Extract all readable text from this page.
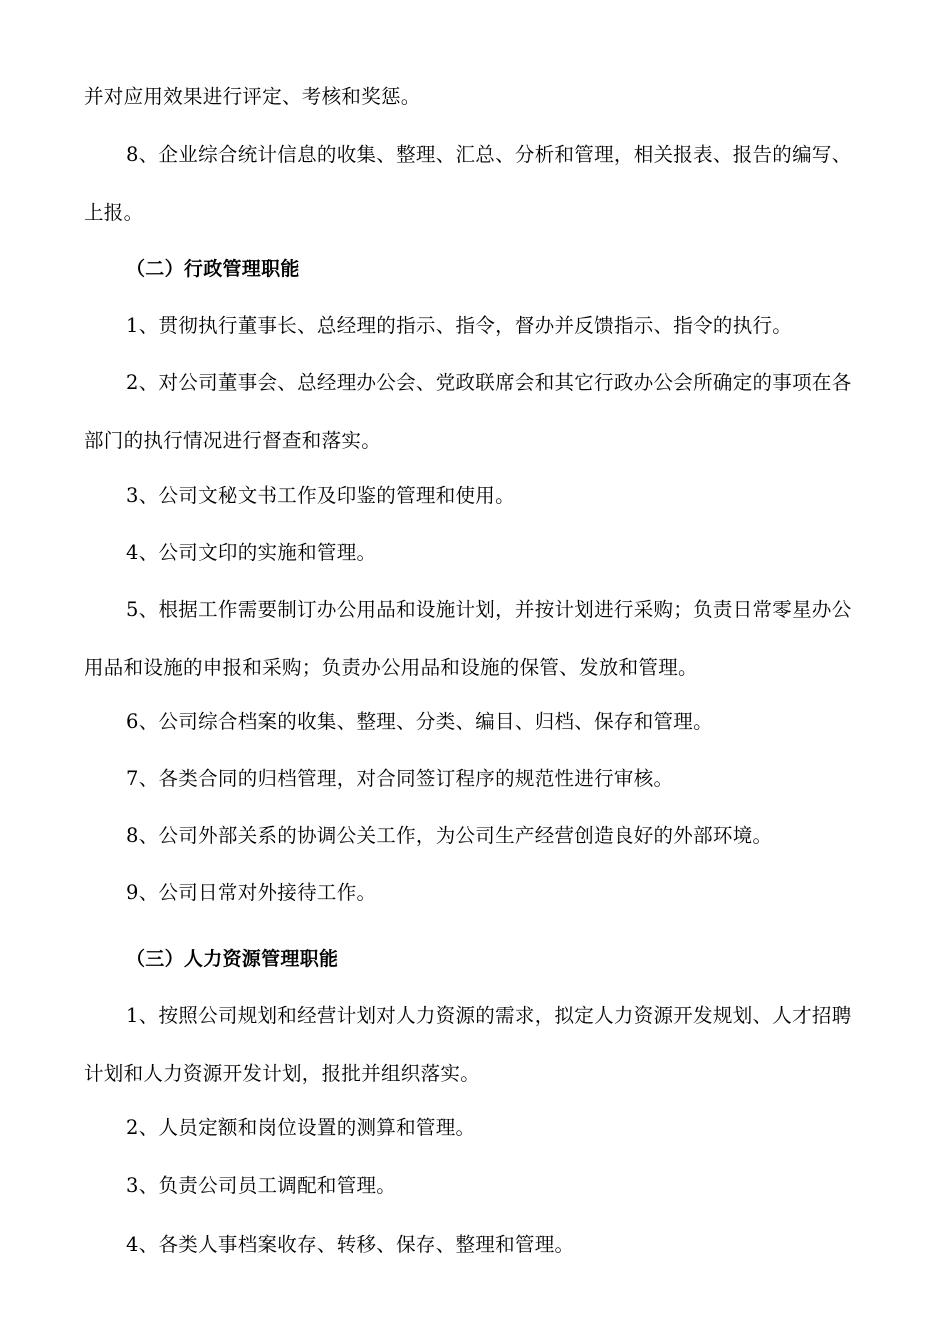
并对应用效果进行评定、考核和奖惩。
8、企业综合统计信息的收集、整理、汇总、分析和管理，相关报表、报告的编写、上报。
（二）行政管理职能
1、贯彻执行董事长、总经理的指示、指令，督办并反馈指示、指令的执行。
2、对公司董事会、总经理办公会、党政联席会和其它行政办公会所确定的事项在各部门的执行情况进行督查和落实。
3、公司文秘文书工作及印鉴的管理和使用。
4、公司文印的实施和管理。
5、根据工作需要制订办公用品和设施计划，并按计划进行采购；负责日常零星办公用品和设施的申报和采购；负责办公用品和设施的保管、发放和管理。
6、公司综合档案的收集、整理、分类、编目、归档、保存和管理。
7、各类合同的归档管理，对合同签订程序的规范性进行审核。
8、公司外部关系的协调公关工作，为公司生产经营创造良好的外部环境。
9、公司日常对外接待工作。
（三）人力资源管理职能
1、按照公司规划和经营计划对人力资源的需求，拟定人力资源开发规划、人才招聘计划和人力资源开发计划，报批并组织落实。
2、人员定额和岗位设置的测算和管理。
3、负责公司员工调配和管理。
4、各类人事档案收存、转移、保存、整理和管理。
